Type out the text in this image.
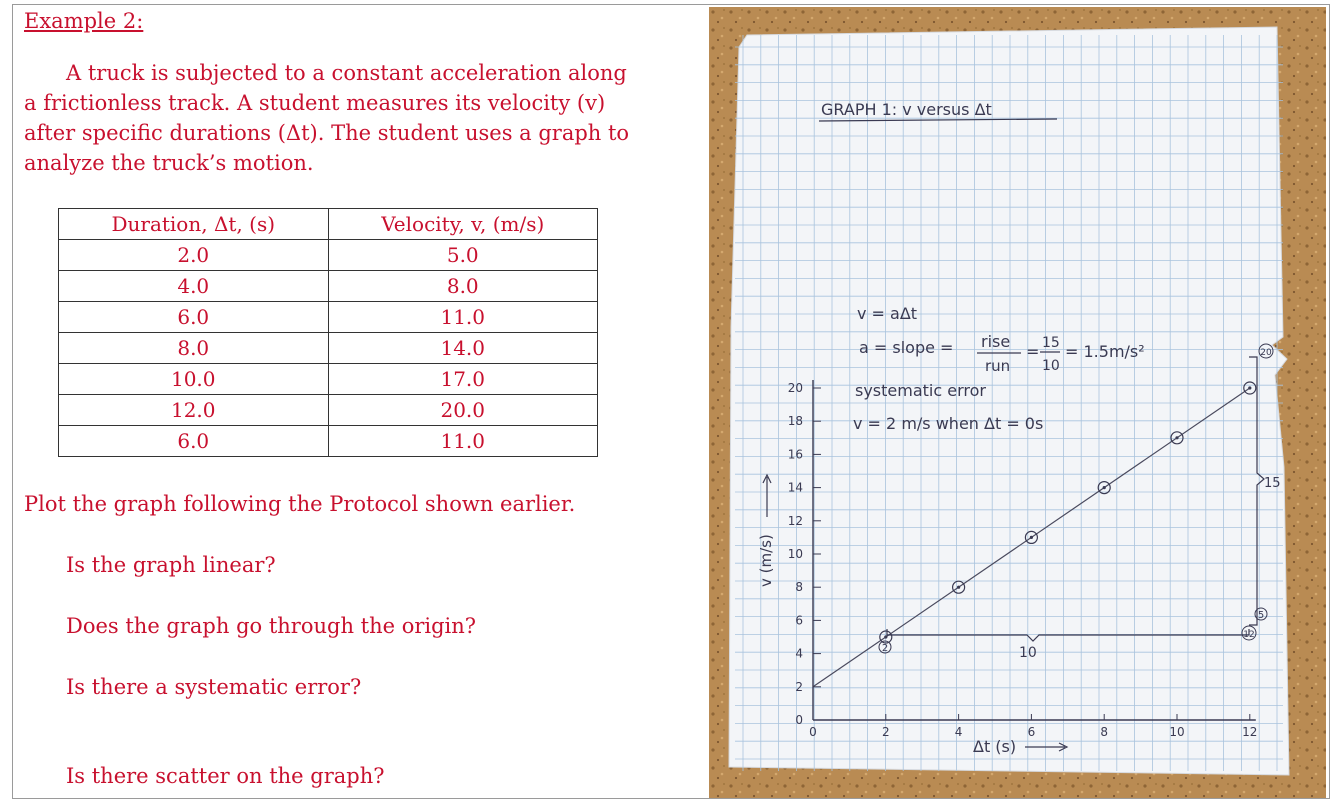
Example 2:
A truck is subjected to a constant acceleration along a frictionless track. A student measures its velocity (v) after specific durations (Δt). The student uses a graph to analyze the truck’s motion.
Duration, Δt, (s)	Velocity, v, (m/s)
2.0	5.0
4.0	8.0
6.0	11.0
8.0	14.0
10.0	17.0
12.0	20.0
6.0	11.0
Plot the graph following the Protocol shown earlier.
Is the graph linear?
Does the graph go through the origin?
Is there a systematic error?
Is there scatter on the graph?
0	2	4	6	8	10	12
0
2
4
6
8
10
12
14
16
18
20
GRAPH 1: v versus Δt
v = aΔt
a = slope = rise
run
= 15
10
= 1.5m/s²
systematic error
v = 2 m/s when Δt = 0s
10
15
2
12
5
20
Δt (s)
v (m/s)
